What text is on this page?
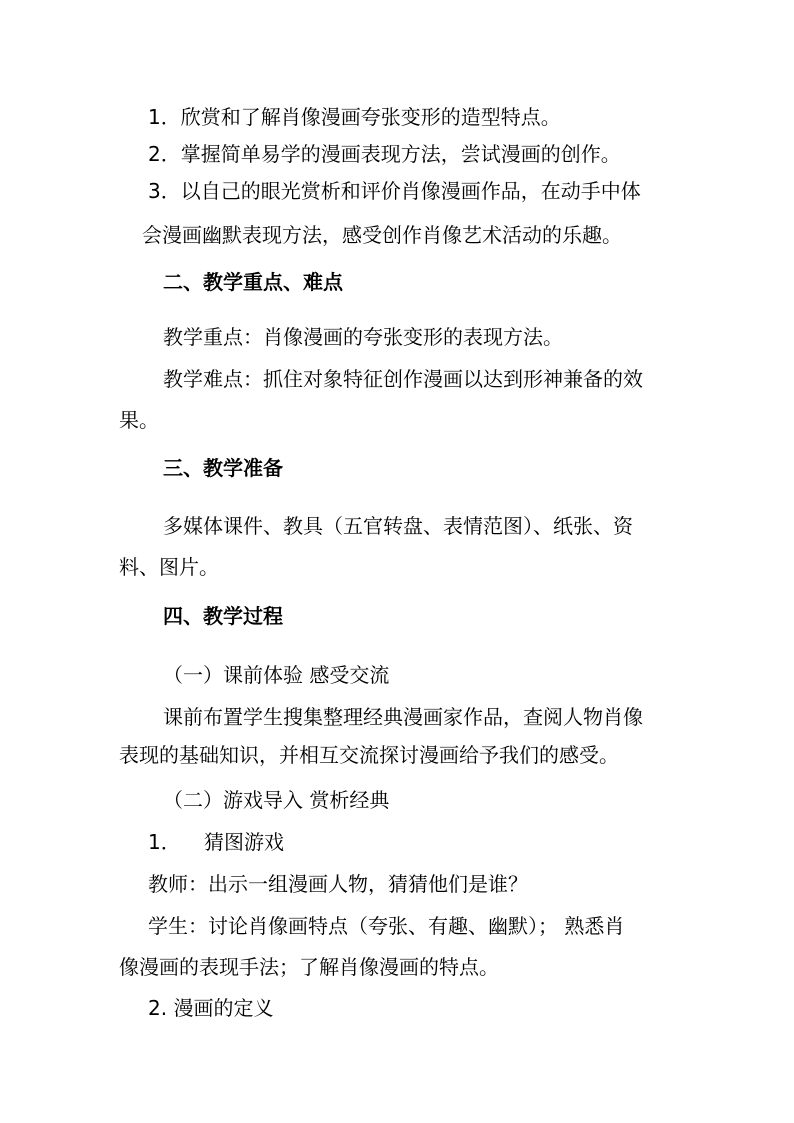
1．欣赏和了解肖像漫画夸张变形的造型特点。
2．掌握简单易学的漫画表现方法，尝试漫画的创作。
3．以自己的眼光赏析和评价肖像漫画作品，在动手中体
会漫画幽默表现方法，感受创作肖像艺术活动的乐趣。
二、教学重点、难点
教学重点：肖像漫画的夸张变形的表现方法。
教学难点：抓住对象特征创作漫画以达到形神兼备的效
果。
三、教学准备
多媒体课件、教具（五官转盘、表情范图）、纸张、资
料、图片。
四、教学过程
（一）课前体验 感受交流
课前布置学生搜集整理经典漫画家作品，查阅人物肖像
表现的基础知识，并相互交流探讨漫画给予我们的感受。
（二）游戏导入 赏析经典
1． 猜图游戏
教师：出示一组漫画人物，猜猜他们是谁？
学生：讨论肖像画特点（夸张、有趣、幽默）； 熟悉肖
像漫画的表现手法；了解肖像漫画的特点。
2. 漫画的定义
